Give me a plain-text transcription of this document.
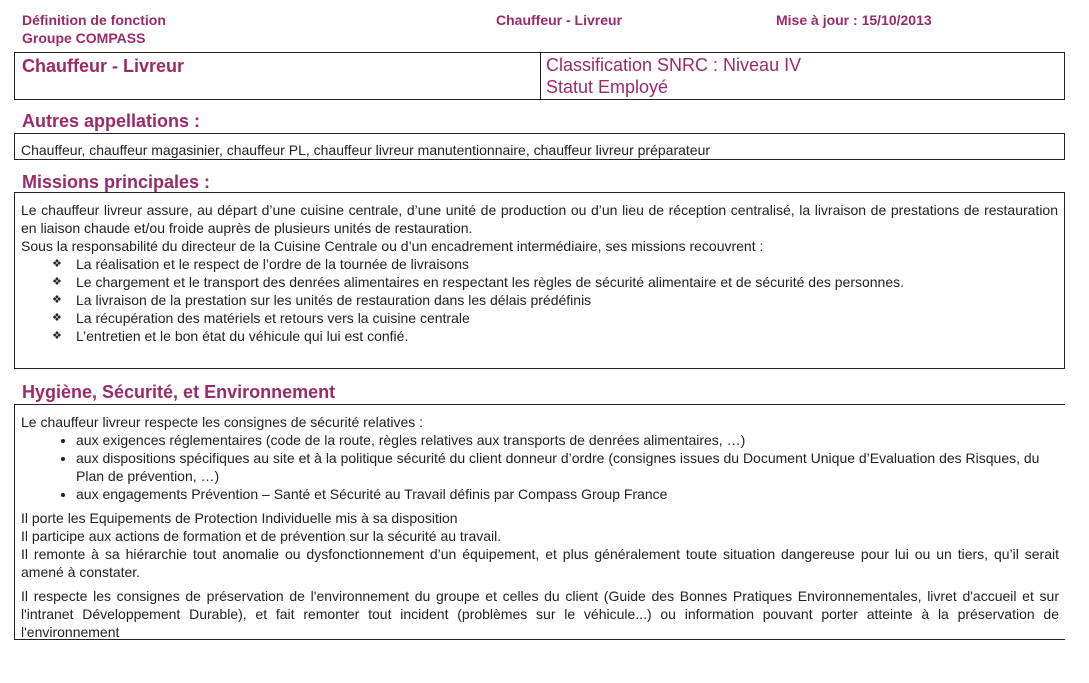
Définition de fonction
Groupe COMPASS
Chauffeur - Livreur	Mise à jour : 15/10/2013
Chauffeur - Livreur	Classification SNRC : Niveau IV
Statut Employé
Autres appellations :
Chauffeur, chauffeur magasinier, chauffeur PL, chauffeur livreur manutentionnaire, chauffeur livreur préparateur
Missions principales :

Le chauffeur livreur assure, au départ d’une cuisine centrale, d’une unité de production ou d’un lieu de réception centralisé, la livraison de prestations de restauration en liaison chaude et/ou froide auprès de plusieurs unités de restauration.

Sous la responsabilité du directeur de la Cuisine Centrale ou d’un encadrement intermédiaire, ses missions recouvrent :

❖ La réalisation et le respect de l’ordre de la tournée de livraisons
❖ Le chargement et le transport des denrées alimentaires en respectant les règles de sécurité alimentaire et de sécurité des personnes.
❖ La livraison de la prestation sur les unités de restauration dans les délais prédéfinis
❖ La récupération des matériels et retours vers la cuisine centrale
❖ L’entretien et le bon état du véhicule qui lui est confié.
Hygiène, Sécurité, et Environnement

Le chauffeur livreur respecte les consignes de sécurité relatives :

• aux exigences réglementaires (code de la route, règles relatives aux transports de denrées alimentaires, …)
• aux dispositions spécifiques au site et à la politique sécurité du client donneur d’ordre (consignes issues du Document Unique d’Evaluation des Risques, du Plan de prévention, …)
• aux engagements Prévention – Santé et Sécurité au Travail définis par Compass Group France

Il porte les Equipements de Protection Individuelle mis à sa disposition

Il participe aux actions de formation et de prévention sur la sécurité au travail.

Il remonte à sa hiérarchie tout anomalie ou dysfonctionnement d’un équipement, et plus généralement toute situation dangereuse pour lui ou un tiers, qu’il serait amené à constater.

Il respecte les consignes de préservation de l'environnement du groupe et celles du client (Guide des Bonnes Pratiques Environnementales, livret d'accueil et sur l'intranet Développement Durable), et fait remonter tout incident (problèmes sur le véhicule...) ou information pouvant porter atteinte à la préservation de l'environnement
